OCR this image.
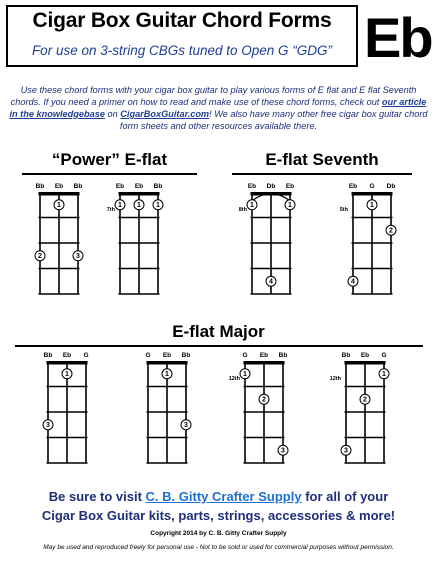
Cigar Box Guitar Chord Forms
For use on 3-string CBGs tuned to Open G “GDG” Eb
Use these chord forms with your cigar box guitar to play various forms of E flat and E flat Seventh chords. If you need a primer on how to read and make use of these chord forms, check out our article in the knowledgebase on CigarBoxGuitar.com! We also have many other free cigar box guitar chord form sheets and other resources available there.
“Power” E-flat	E-flat Seventh
E-flat Major
Bb Eb Bb
1
2	3
Eb Eb Bb
7th
1 1 1
Eb Db Eb
8th
1	1
4
Eb G Db
5th
1
2
4
Bb Eb G
1
3
G Eb Bb
1
3
G Eb Bb
12th
1
2
3
Bb Eb G
12th
1
2
3
Be sure to visit C. B. Gitty Crafter Supply for all of your
Cigar Box Guitar kits, parts, strings, accessories & more!
Copyright 2014 by C. B. Gitty Crafter Supply
May be used and reproduced freely for personal use - Not to be sold or used for commercial purposes without permission.
